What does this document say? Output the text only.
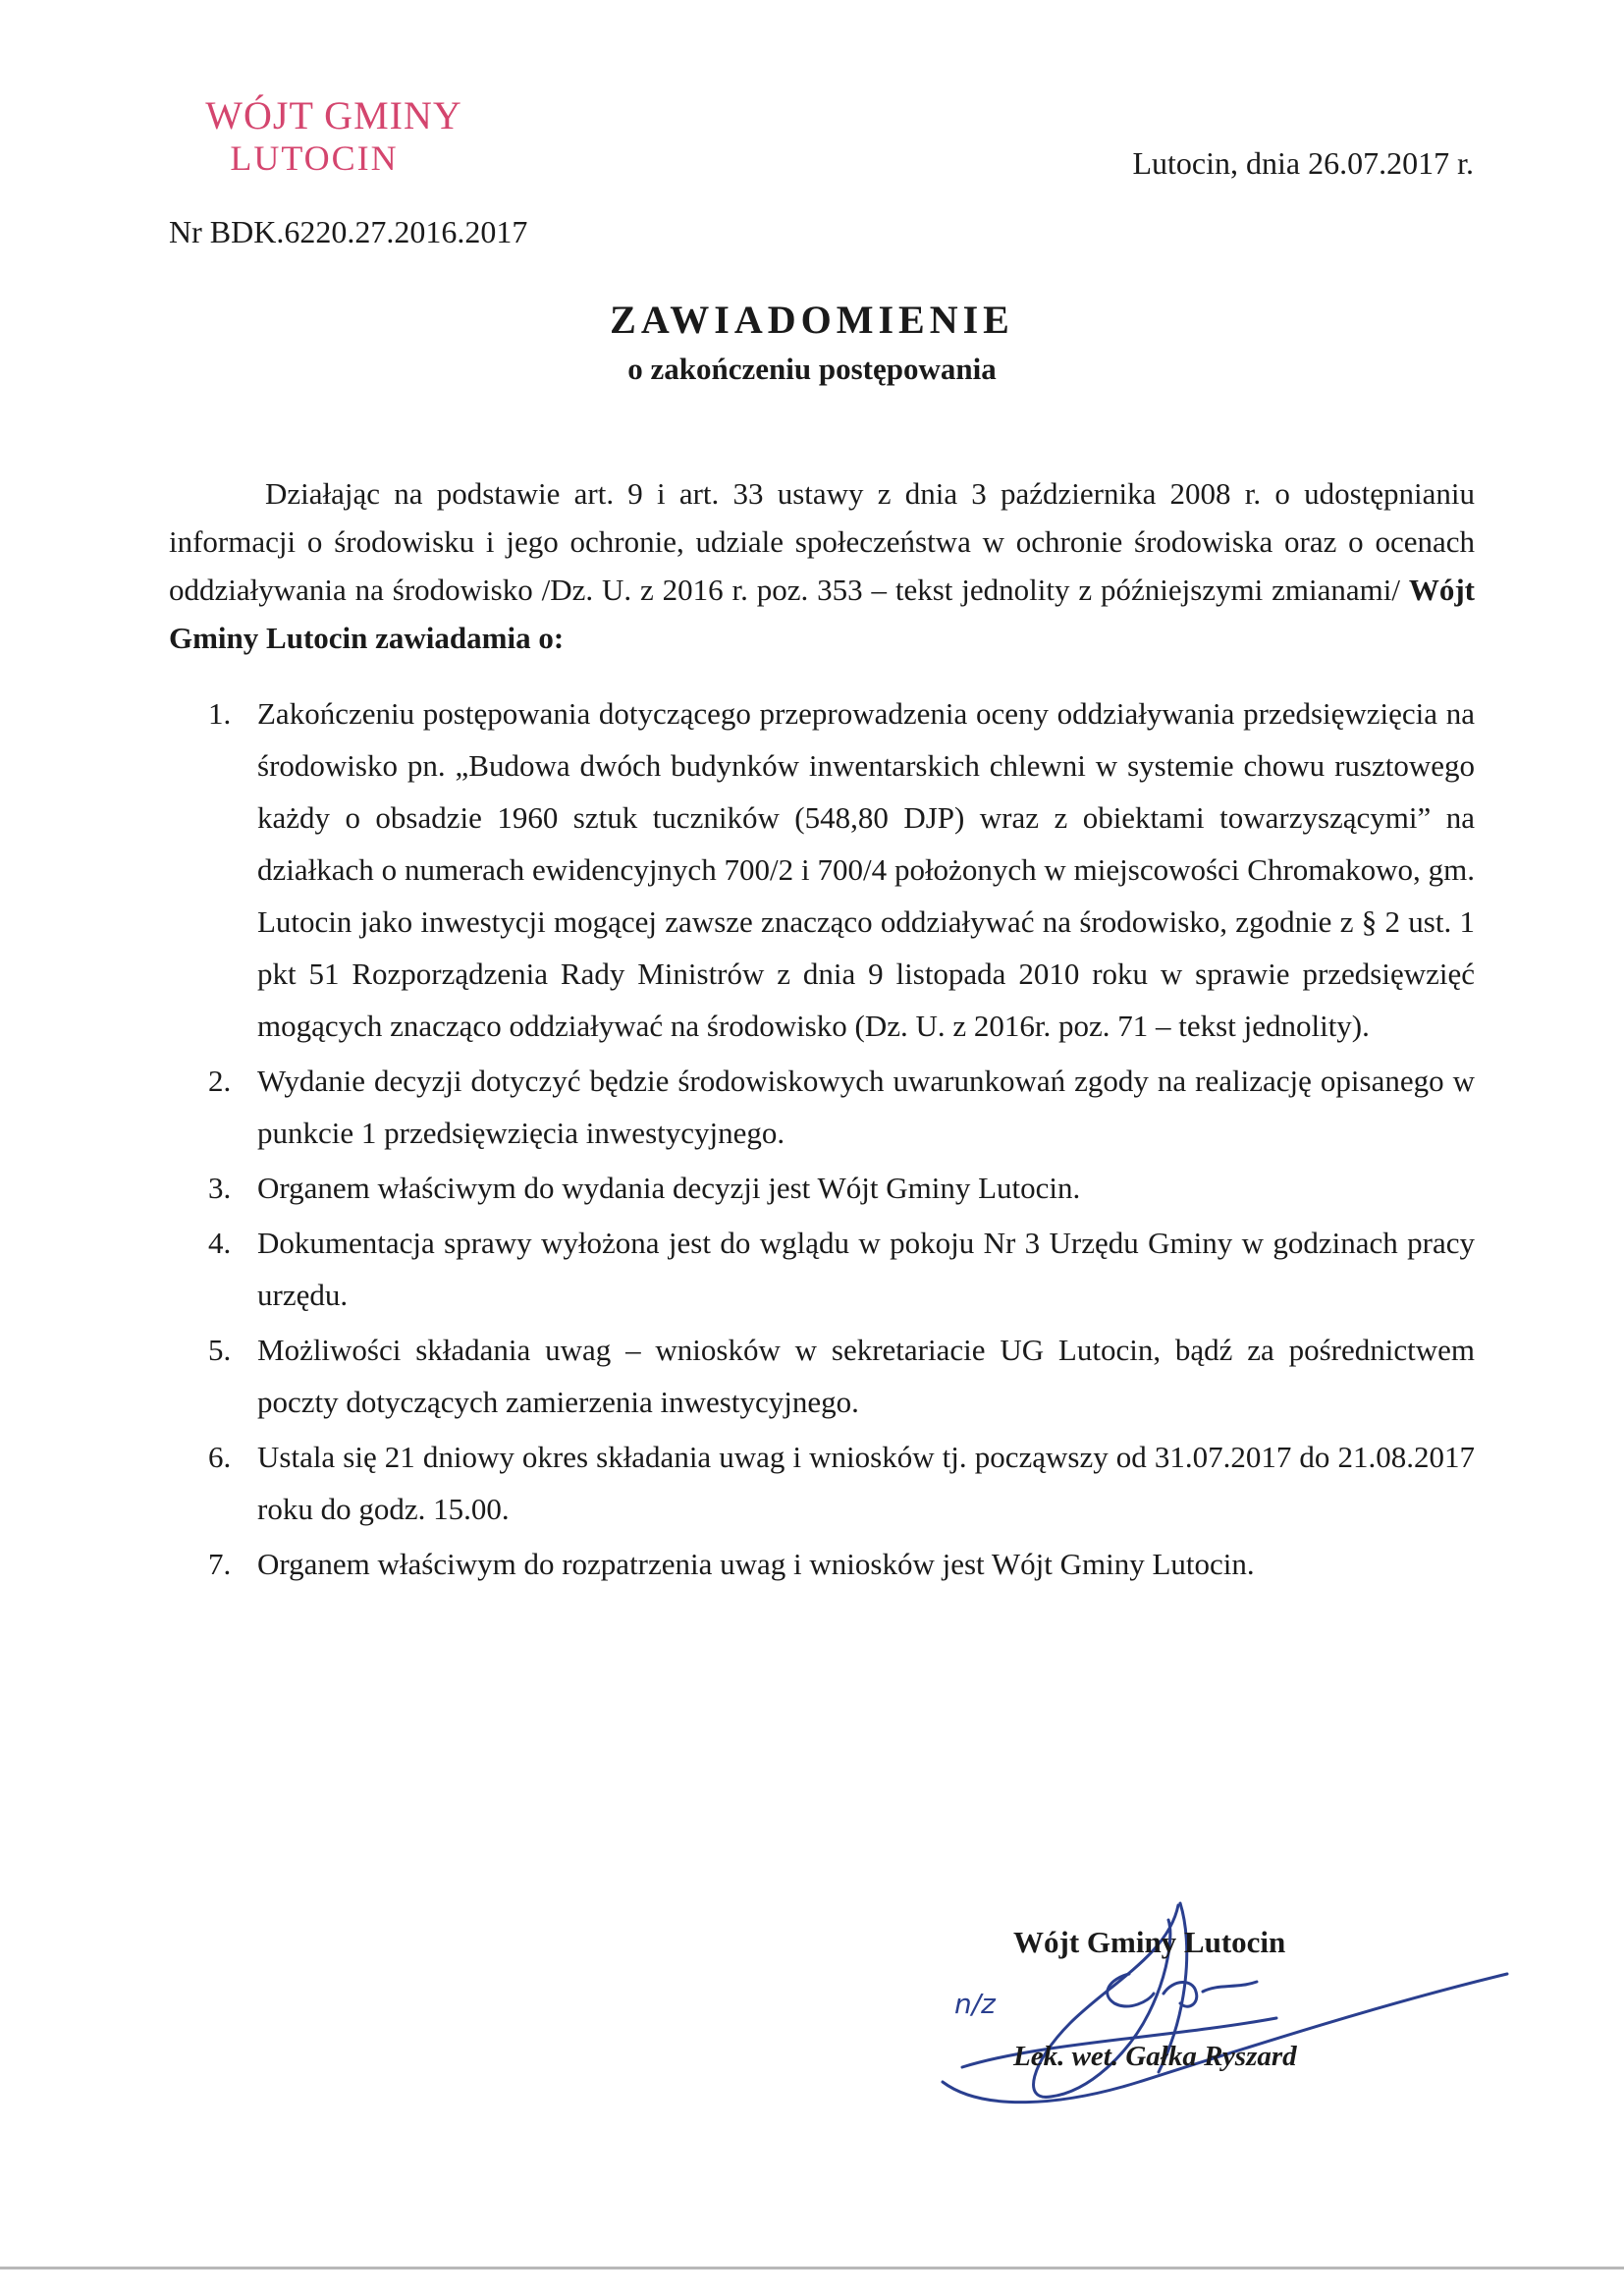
WÓJT GMINY
LUTOCIN	Lutocin, dnia 26.07.2017 r.
Nr BDK.6220.27.2016.2017
ZAWIADOMIENIE
o zakończeniu postępowania

Działając na podstawie art. 9 i art. 33 ustawy z dnia 3 października 2008 r. o udostępnianiu informacji o środowisku i jego ochronie, udziale społeczeństwa w ochronie środowiska oraz o ocenach oddziaływania na środowisko /Dz. U. z 2016 r. poz. 353 – tekst jednolity z późniejszymi zmianami/ Wójt Gminy Lutocin zawiadamia o:

1. Zakończeniu postępowania dotyczącego przeprowadzenia oceny oddziaływania przedsięwzięcia na środowisko pn. „Budowa dwóch budynków inwentarskich chlewni w systemie chowu rusztowego każdy o obsadzie 1960 sztuk tuczników (548,80 DJP) wraz z obiektami towarzyszącymi” na działkach o numerach ewidencyjnych 700/2 i 700/4 położonych w miejscowości Chromakowo, gm. Lutocin jako inwestycji mogącej zawsze znacząco oddziaływać na środowisko, zgodnie z § 2 ust. 1 pkt 51 Rozporządzenia Rady Ministrów z dnia 9 listopada 2010 roku w sprawie przedsięwzięć mogących znacząco oddziaływać na środowisko (Dz. U. z 2016r. poz. 71 – tekst jednolity).
2. Wydanie decyzji dotyczyć będzie środowiskowych uwarunkowań zgody na realizację opisanego w punkcie 1 przedsięwzięcia inwestycyjnego.
3. Organem właściwym do wydania decyzji jest Wójt Gminy Lutocin.
4. Dokumentacja sprawy wyłożona jest do wglądu w pokoju Nr 3 Urzędu Gminy w godzinach pracy urzędu.
5. Możliwości składania uwag – wniosków w sekretariacie UG Lutocin, bądź za pośrednictwem poczty dotyczących zamierzenia inwestycyjnego.
6. Ustala się 21 dniowy okres składania uwag i wniosków tj. począwszy od 31.07.2017 do 21.08.2017 roku do godz. 15.00.
7. Organem właściwym do rozpatrzenia uwag i wniosków jest Wójt Gminy Lutocin.
n/z
Wójt Gminy Lutocin
Lek. wet. Gałka Ryszard
